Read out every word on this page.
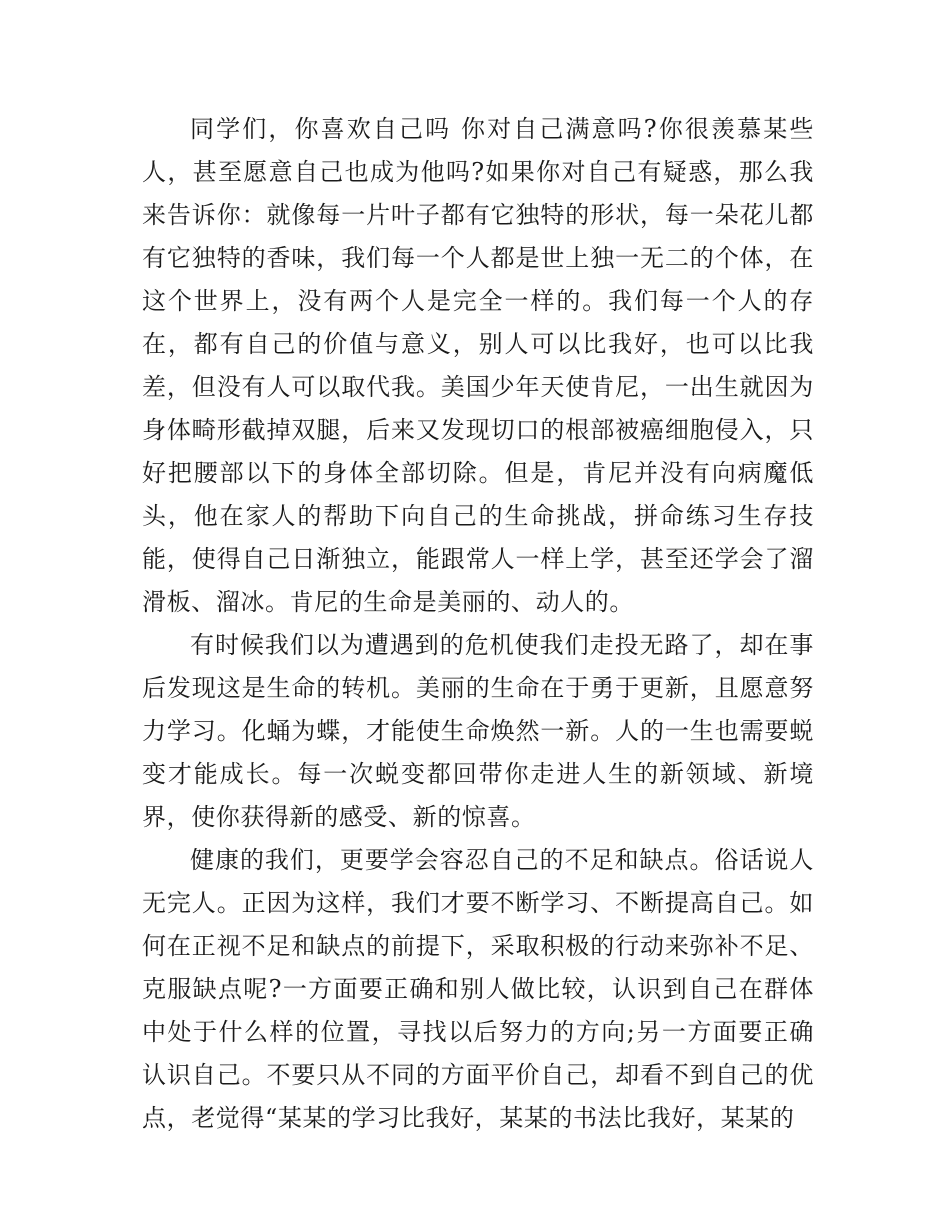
同学们，你喜欢自己吗 你对自己满意吗?你很羡慕某些人，甚至愿意自己也成为他吗?如果你对自己有疑惑，那么我来告诉你：就像每一片叶子都有它独特的形状，每一朵花儿都有它独特的香味，我们每一个人都是世上独一无二的个体，在这个世界上，没有两个人是完全一样的。我们每一个人的存在，都有自己的价值与意义，别人可以比我好，也可以比我差，但没有人可以取代我。美国少年天使肯尼，一出生就因为身体畸形截掉双腿，后来又发现切口的根部被癌细胞侵入，只好把腰部以下的身体全部切除。但是，肯尼并没有向病魔低头，他在家人的帮助下向自己的生命挑战，拼命练习生存技能，使得自己日渐独立，能跟常人一样上学，甚至还学会了溜滑板、溜冰。肯尼的生命是美丽的、动人的。

有时候我们以为遭遇到的危机使我们走投无路了，却在事后发现这是生命的转机。美丽的生命在于勇于更新，且愿意努力学习。化蛹为蝶，才能使生命焕然一新。人的一生也需要蜕变才能成长。每一次蜕变都回带你走进人生的新领域、新境界，使你获得新的感受、新的惊喜。

健康的我们，更要学会容忍自己的不足和缺点。俗话说人无完人。正因为这样，我们才要不断学习、不断提高自己。如何在正视不足和缺点的前提下，采取积极的行动来弥补不足、克服缺点呢?一方面要正确和别人做比较，认识到自己在群体中处于什么样的位置，寻找以后努力的方向;另一方面要正确认识自己。不要只从不同的方面平价自己，却看不到自己的优点，老觉得“某某的学习比我好，某某的书法比我好，某某的
